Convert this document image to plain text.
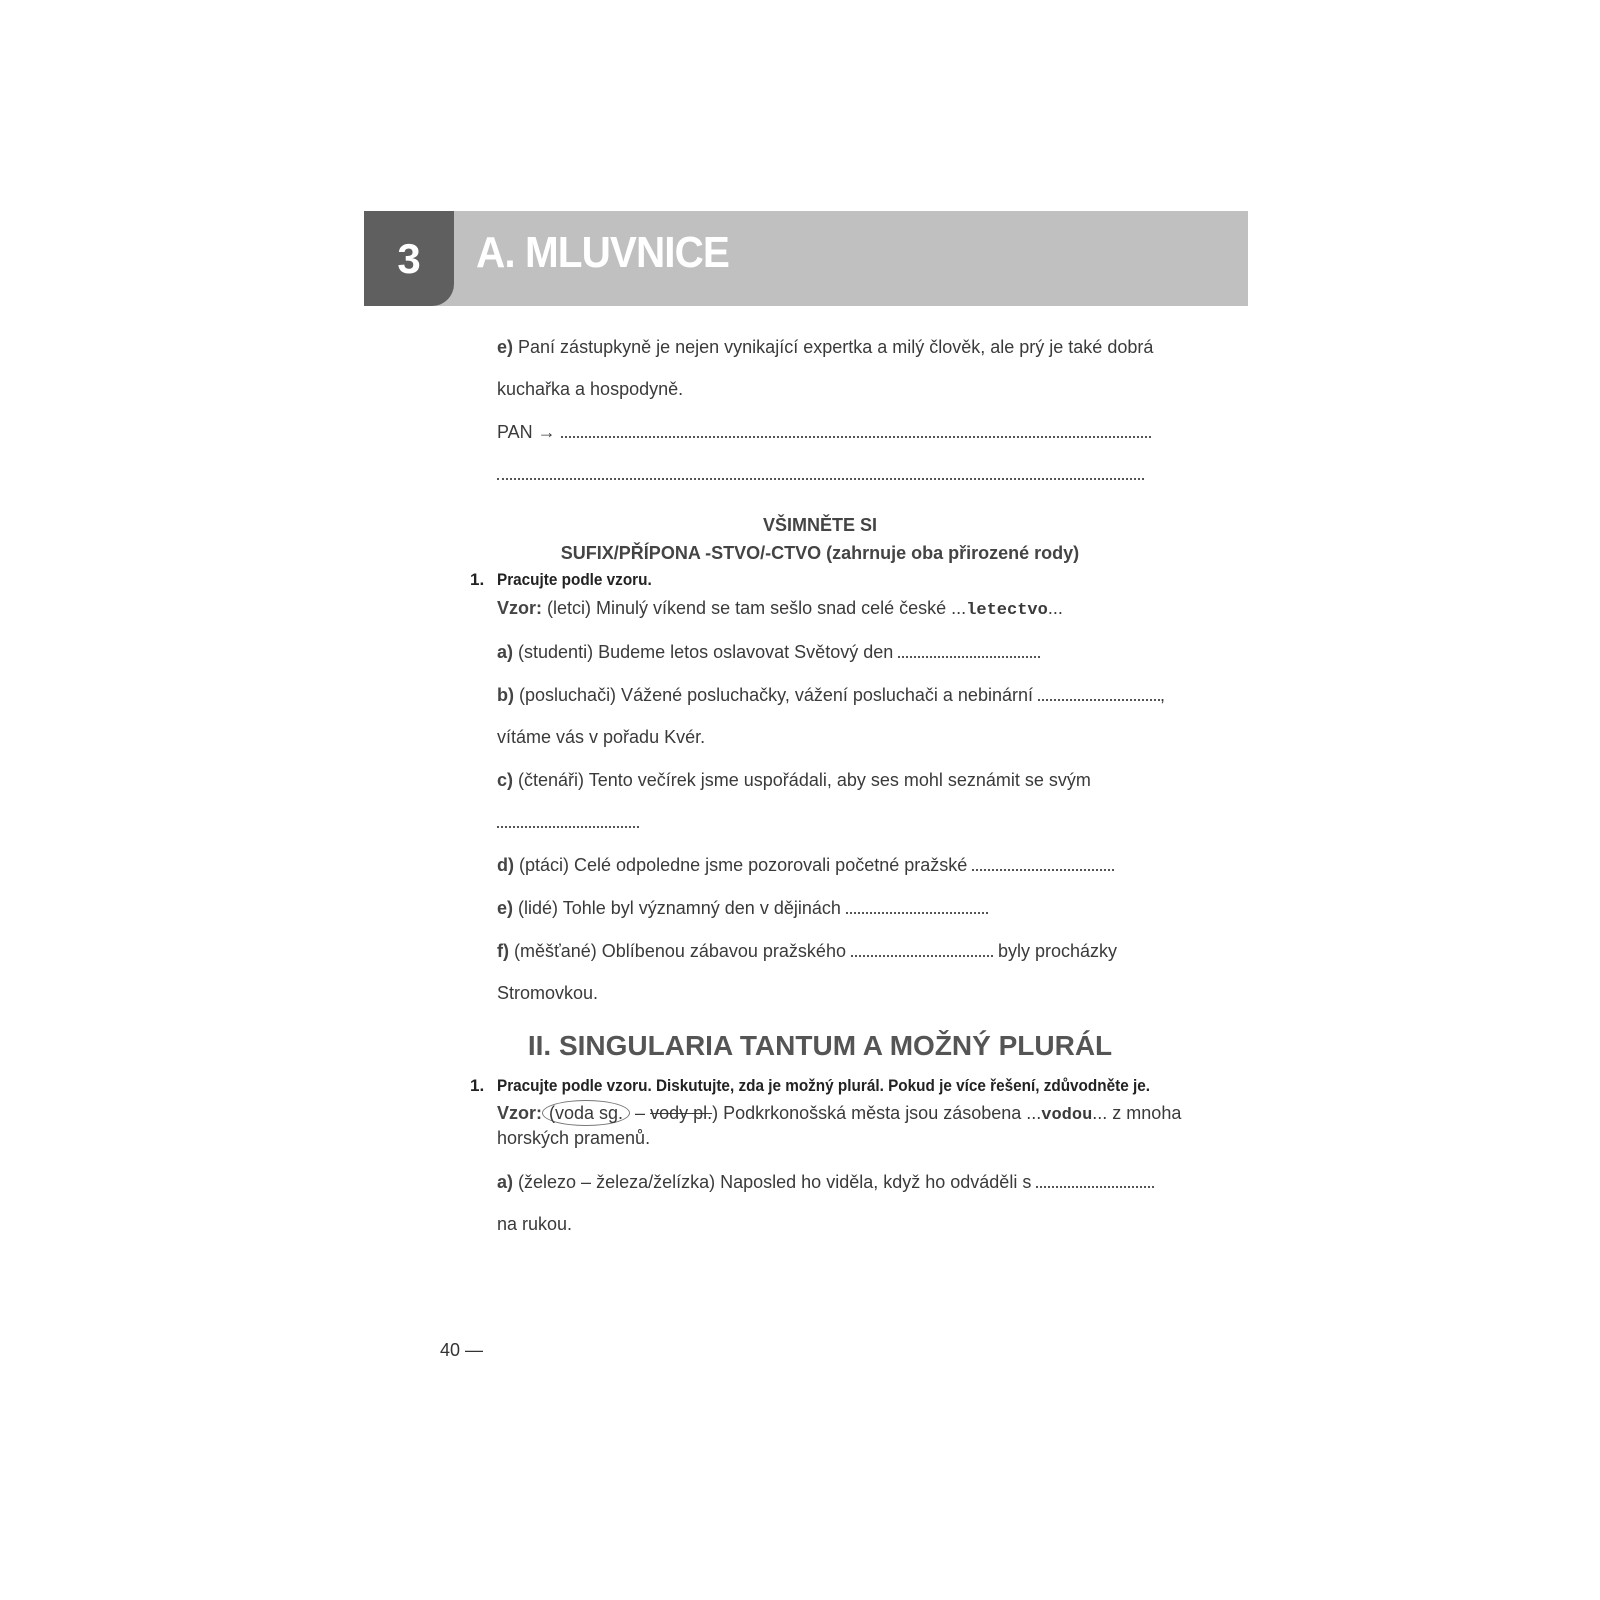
3 A. MLUVNICE
e) Paní zástupkyně je nejen vynikající expertka a milý člověk, ale prý je také dobrá
kuchařka a hospodyně.
PAN →
VŠIMNĚTE SI
SUFIX/PŘÍPONA -STVO/-CTVO (zahrnuje oba přirozené rody)
1. Pracujte podle vzoru.
Vzor: (letci) Minulý víkend se tam sešlo snad celé české ...letectvo...
a) (studenti) Budeme letos oslavovat Světový den
b) (posluchači) Vážené posluchačky, vážení posluchači a nebinární	,
vítáme vás v pořadu Kvér.
c) (čtenáři) Tento večírek jsme uspořádali, aby ses mohl seznámit se svým
d) (ptáci) Celé odpoledne jsme pozorovali početné pražské
e) (lidé) Tohle byl významný den v dějinách
f) (měšťané) Oblíbenou zábavou pražského	byly procházky
Stromovkou.
II. SINGULARIA TANTUM A MOŽNÝ PLURÁL
1. Pracujte podle vzoru. Diskutujte, zda je možný plurál. Pokud je více řešení, zdůvodněte je.
Vzor: (voda sg. – vody pl.) Podkrkonošská města jsou zásobena ...vodou... z mnoha
horských pramenů.
a) (železo – železa/želízka) Naposled ho viděla, když ho odváděli s
na rukou.
40 —
